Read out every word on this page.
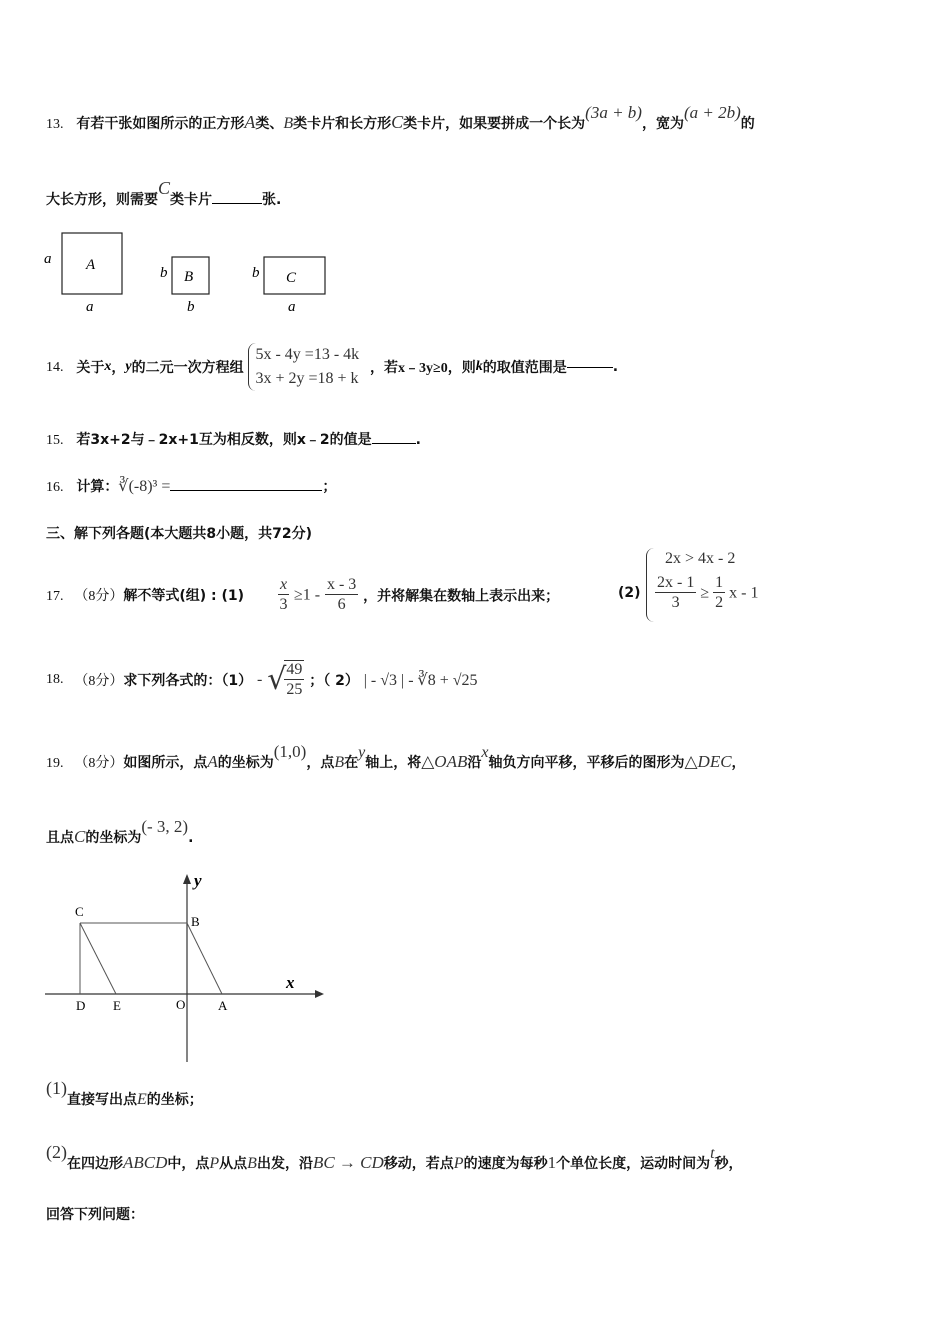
13. 有若干张如图所示的正方形A类、B类卡片和长方形C类卡片，如果要拼成一个长为(3a + b)，宽为(a + 2b)的
大长方形，则需要C类卡片	张.
A
a
a
B
b
b
C
b
a
14. 关于x，y的二元一次方程组
5x - 4y =13 - 4k
3x + 2y =18 + k
，若x﹣3y≥0，则k的取值范围是	.
15. 若3x+2与﹣2x+1互为相反数，则x﹣2的值是	.
16. 计算：∛(-8)³ =	；
三、解下列各题(本大题共8小题，共72分)
17. （8分）解不等式(组) : $(1) \frac{x}{3} \ge 1 - \frac{x - 3}{6}$ ，并将解集在数轴上表示出来；	(2)
2x > 4x - 2
$\frac{2x - 1}{3} \ge \frac{1}{2}$ x - 1
18. （8分）求下列各式的：（1） - √
$\frac{49}{25}$ ；（ 2） | - √3 | - ∛8 + √25
19. （8分）如图所示，点A的坐标为(1,0)，点B在y轴上，将△OAB沿x轴负方向平移，平移后的图形为△DEC，
且点C的坐标为(- 3, 2).
y
x
C
B
D E	O	A
(1)直接写出点E的坐标；
(2)在四边形ABCD中，点P从点B出发，沿BC → CD移动，若点P的速度为每秒1个单位长度，运动时间为t秒，
回答下列问题：
